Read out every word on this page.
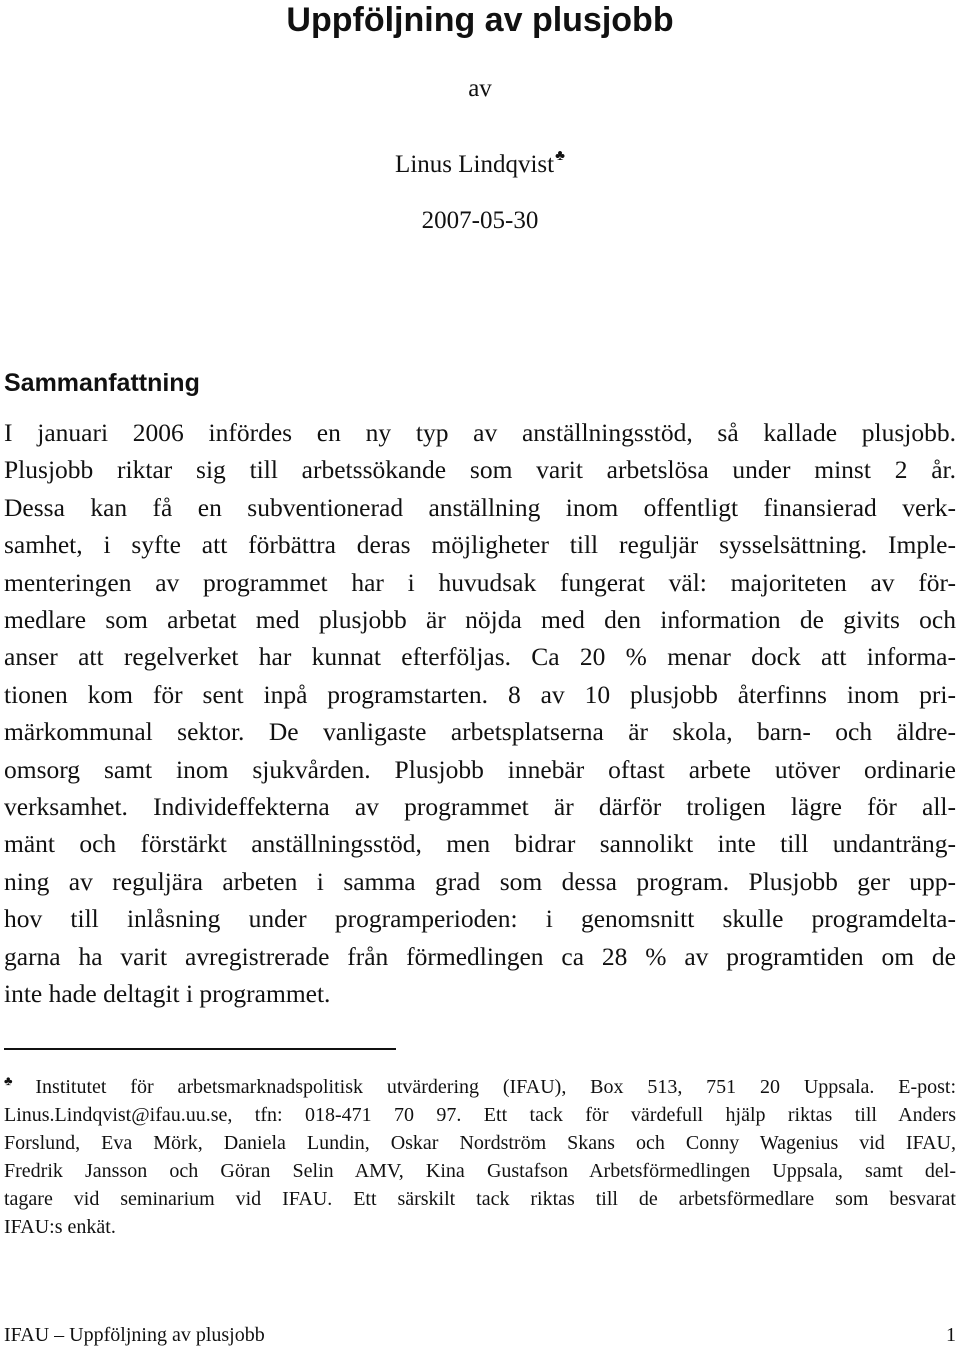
Uppföljning av plusjobb
av
Linus Lindqvist♣
2007-05-30
Sammanfattning
I januari 2006 infördes en ny typ av anställningsstöd, så kallade plusjobb.
Plusjobb riktar sig till arbetssökande som varit arbetslösa under minst 2 år.
Dessa kan få en subventionerad anställning inom offentligt finansierad verk-
samhet, i syfte att förbättra deras möjligheter till reguljär sysselsättning. Imple-
menteringen av programmet har i huvudsak fungerat väl: majoriteten av för-
medlare som arbetat med plusjobb är nöjda med den information de givits och
anser att regelverket har kunnat efterföljas. Ca 20 % menar dock att informa-
tionen kom för sent inpå programstarten. 8 av 10 plusjobb återfinns inom pri-
märkommunal sektor. De vanligaste arbetsplatserna är skola, barn- och äldre-
omsorg samt inom sjukvården. Plusjobb innebär oftast arbete utöver ordinarie
verksamhet. Individeffekterna av programmet är därför troligen lägre för all-
mänt och förstärkt anställningsstöd, men bidrar sannolikt inte till undanträng-
ning av reguljära arbeten i samma grad som dessa program. Plusjobb ger upp-
hov till inlåsning under programperioden: i genomsnitt skulle programdelta-
garna ha varit avregistrerade från förmedlingen ca 28 % av programtiden om de
inte hade deltagit i programmet.
♣ Institutet för arbetsmarknadspolitisk utvärdering (IFAU), Box 513, 751 20 Uppsala. E-post:
Linus.Lindqvist@ifau.uu.se, tfn: 018-471 70 97. Ett tack för värdefull hjälp riktas till Anders
Forslund, Eva Mörk, Daniela Lundin, Oskar Nordström Skans och Conny Wagenius vid IFAU,
Fredrik Jansson och Göran Selin AMV, Kina Gustafson Arbetsförmedlingen Uppsala, samt del-
tagare vid seminarium vid IFAU. Ett särskilt tack riktas till de arbetsförmedlare som besvarat
IFAU:s enkät.
IFAU – Uppföljning av plusjobb	1
